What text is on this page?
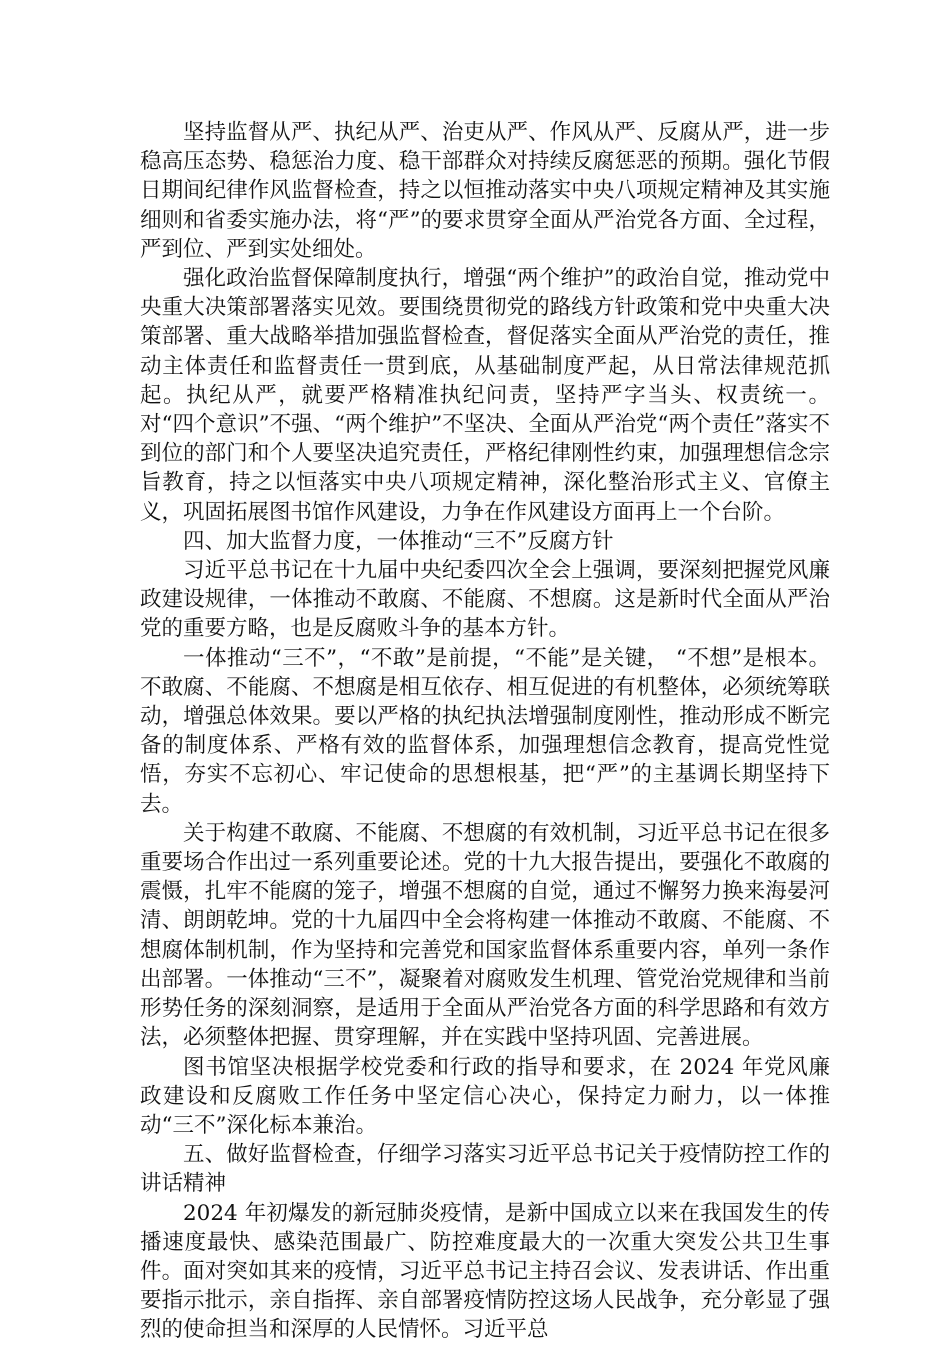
坚持监督从严、执纪从严、治吏从严、作风从严、反腐从严，进一步稳高压态势、稳惩治力度、稳干部群众对持续反腐惩恶的预期。强化节假日期间纪律作风监督检查，持之以恒推动落实中央八项规定精神及其实施细则和省委实施办法，将“严”的要求贯穿全面从严治党各方面、全过程，严到位、严到实处细处。

强化政治监督保障制度执行，增强“两个维护”的政治自觉，推动党中央重大决策部署落实见效。要围绕贯彻党的路线方针政策和党中央重大决策部署、重大战略举措加强监督检查，督促落实全面从严治党的责任，推动主体责任和监督责任一贯到底，从基础制度严起，从日常法律规范抓起。执纪从严，就要严格精准执纪问责，坚持严字当头、权责统一。对“四个意识”不强、“两个维护”不坚决、全面从严治党“两个责任”落实不到位的部门和个人要坚决追究责任，严格纪律刚性约束，加强理想信念宗旨教育，持之以恒落实中央八项规定精神，深化整治形式主义、官僚主义，巩固拓展图书馆作风建设，力争在作风建设方面再上一个台阶。

四、加大监督力度，一体推动“三不”反腐方针

习近平总书记在十九届中央纪委四次全会上强调，要深刻把握党风廉政建设规律，一体推动不敢腐、不能腐、不想腐。这是新时代全面从严治党的重要方略，也是反腐败斗争的基本方针。

一体推动“三不”，“不敢”是前提，“不能”是关键， “不想”是根本。不敢腐、不能腐、不想腐是相互依存、相互促进的有机整体，必须统筹联动，增强总体效果。要以严格的执纪执法增强制度刚性，推动形成不断完备的制度体系、严格有效的监督体系，加强理想信念教育，提高党性觉悟，夯实不忘初心、牢记使命的思想根基，把“严”的主基调长期坚持下去。

关于构建不敢腐、不能腐、不想腐的有效机制，习近平总书记在很多重要场合作出过一系列重要论述。党的十九大报告提出，要强化不敢腐的震慑，扎牢不能腐的笼子，增强不想腐的自觉，通过不懈努力换来海晏河清、朗朗乾坤。党的十九届四中全会将构建一体推动不敢腐、不能腐、不想腐体制机制，作为坚持和完善党和国家监督体系重要内容，单列一条作出部署。一体推动“三不”，凝聚着对腐败发生机理、管党治党规律和当前形势任务的深刻洞察，是适用于全面从严治党各方面的科学思路和有效方法，必须整体把握、贯穿理解，并在实践中坚持巩固、完善进展。

图书馆坚决根据学校党委和行政的指导和要求，在 2024 年党风廉政建设和反腐败工作任务中坚定信心决心，保持定力耐力，以一体推动“三不”深化标本兼治。

五、做好监督检查，仔细学习落实习近平总书记关于疫情防控工作的讲话精神

2024 年初爆发的新冠肺炎疫情，是新中国成立以来在我国发生的传播速度最快、感染范围最广、防控难度最大的一次重大突发公共卫生事件。面对突如其来的疫情，习近平总书记主持召会议、发表讲话、作出重要指示批示，亲自指挥、亲自部署疫情防控这场人民战争，充分彰显了强烈的使命担当和深厚的人民情怀。习近平总
